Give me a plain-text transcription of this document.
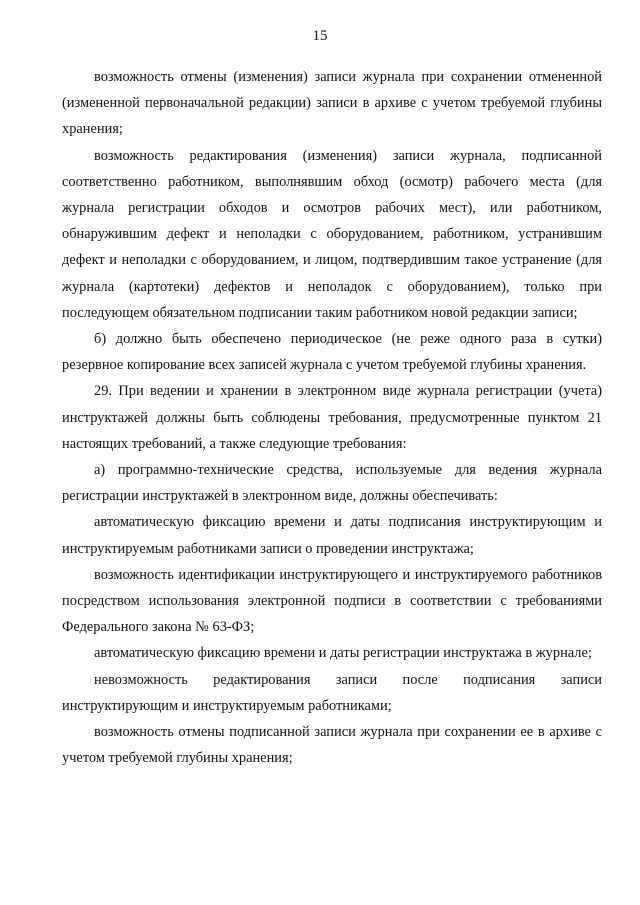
15

возможность отмены (изменения) записи журнала при сохранении отмененной (измененной первоначальной редакции) записи в архиве с учетом требуемой глубины хранения;

возможность редактирования (изменения) записи журнала, подписанной соответственно работником, выполнявшим обход (осмотр) рабочего места (для журнала регистрации обходов и осмотров рабочих мест), или работником, обнаружившим дефект и неполадки с оборудованием, работником, устранившим дефект и неполадки с оборудованием, и лицом, подтвердившим такое устранение (для журнала (картотеки) дефектов и неполадок с оборудованием), только при последующем обязательном подписании таким работником новой редакции записи;

б) должно быть обеспечено периодическое (не реже одного раза в сутки) резервное копирование всех записей журнала с учетом требуемой глубины хранения.

29. При ведении и хранении в электронном виде журнала регистрации (учета) инструктажей должны быть соблюдены требования, предусмотренные пунктом 21 настоящих требований, а также следующие требования:

а) программно-технические средства, используемые для ведения журнала регистрации инструктажей в электронном виде, должны обеспечивать:

автоматическую фиксацию времени и даты подписания инструктирующим и инструктируемым работниками записи о проведении инструктажа;

возможность идентификации инструктирующего и инструктируемого работников посредством использования электронной подписи в соответствии с требованиями Федерального закона № 63-ФЗ;

автоматическую фиксацию времени и даты регистрации инструктажа в журнале;

невозможность редактирования записи после подписания записи инструктирующим и инструктируемым работниками;

возможность отмены подписанной записи журнала при сохранении ее в архиве с учетом требуемой глубины хранения;
